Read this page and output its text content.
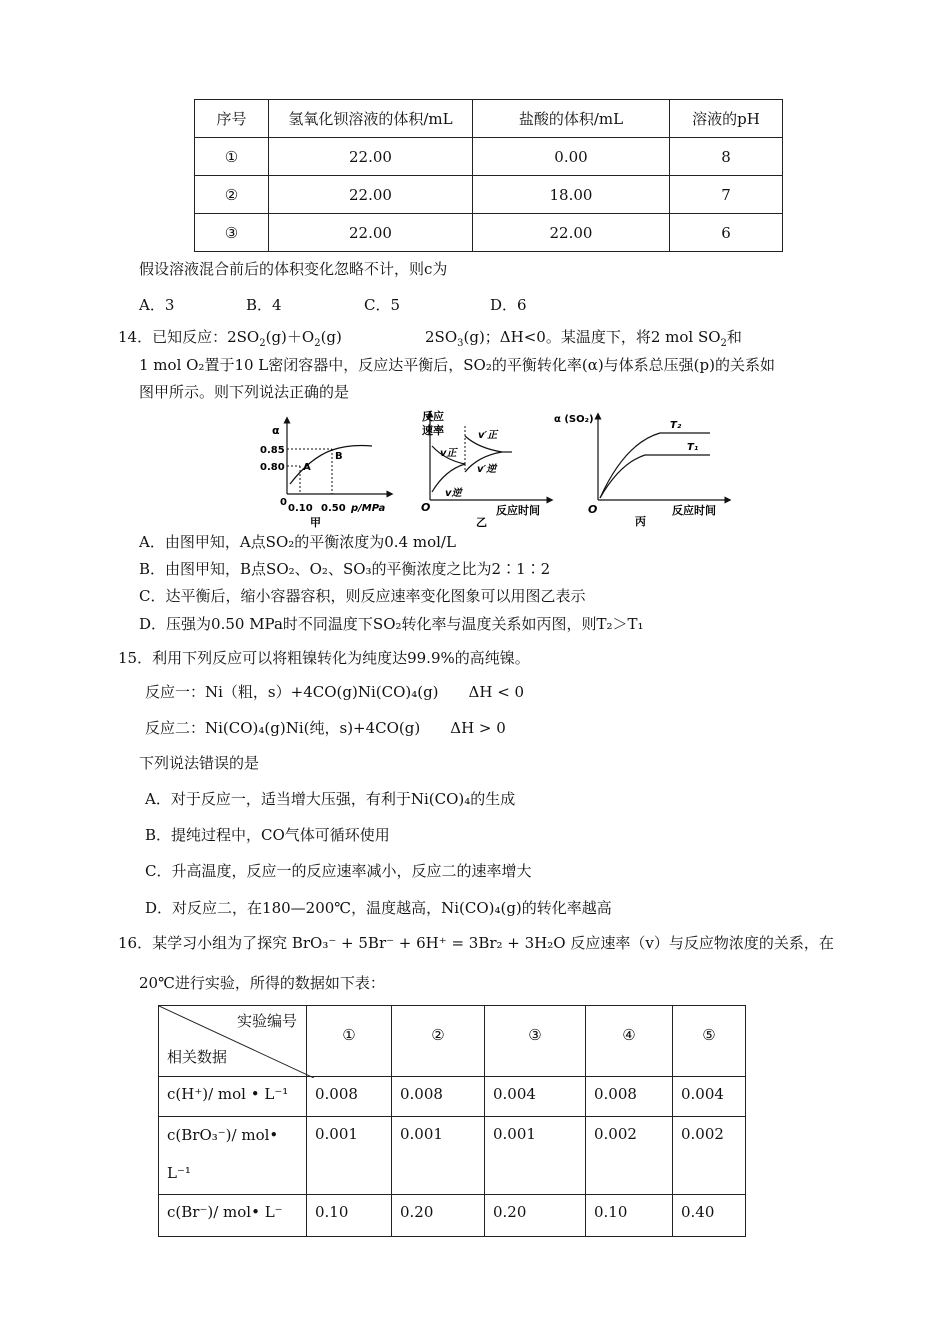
序号	氢氧化钡溶液的体积/mL	盐酸的体积/mL	溶液的pH
①	22.00	0.00	8
②	22.00	18.00	7
③	22.00	22.00	6
假设溶液混合前后的体积变化忽略不计，则c为
A．3	B．4	C．5	D．6
14．已知反应：$2SO_2(g)+O_2(g)$	$2SO_3(g)$；ΔH<0。某温度下，将2 mol $SO_2$和
1 mol O₂置于10 L密闭容器中，反应达平衡后，SO₂的平衡转化率(α)与体系总压强(p)的关系如
图甲所示。则下列说法正确的是
α
0.85
0.80 A
B
0
0.10 0.50 p/MPa
甲
反应
速率
v正
v逆
v′正
v′逆
O	反应时间
乙
α (SO₂)
T₂
T₁
O	反应时间
丙
A．由图甲知，A点SO₂的平衡浓度为0.4 mol/L
B．由图甲知，B点SO₂、O₂、SO₃的平衡浓度之比为2∶1∶2
C．达平衡后，缩小容器容积，则反应速率变化图象可以用图乙表示
D．压强为0.50 MPa时不同温度下SO₂转化率与温度关系如丙图，则T₂＞T₁
15．利用下列反应可以将粗镍转化为纯度达99.9%的高纯镍。
反应一：Ni（粗，s）+4CO(g)Ni(CO)₄(g)　　ΔH < 0
反应二：Ni(CO)₄(g)Ni(纯，s)+4CO(g)　　ΔH > 0
下列说法错误的是
A．对于反应一，适当增大压强，有利于Ni(CO)₄的生成
B．提纯过程中，CO气体可循环使用
C．升高温度，反应一的反应速率减小，反应二的速率增大
D．对反应二，在180—200℃，温度越高，Ni(CO)₄(g)的转化率越高
16．某学习小组为了探究 BrO₃⁻ + 5Br⁻ + 6H⁺ = 3Br₂ + 3H₂O 反应速率（v）与反应物浓度的关系，在
20℃进行实验，所得的数据如下表：
实验编号
相关数据	①	②	③	④	⑤
c(H⁺)/ mol • L⁻¹	0.008	0.008	0.004	0.008	0.004

c(BrO₃⁻)/ mol•
L⁻¹	0.001	0.001	0.001	0.002	0.002
c(Br⁻)/ mol• L⁻	0.10	0.20	0.20	0.10	0.40
